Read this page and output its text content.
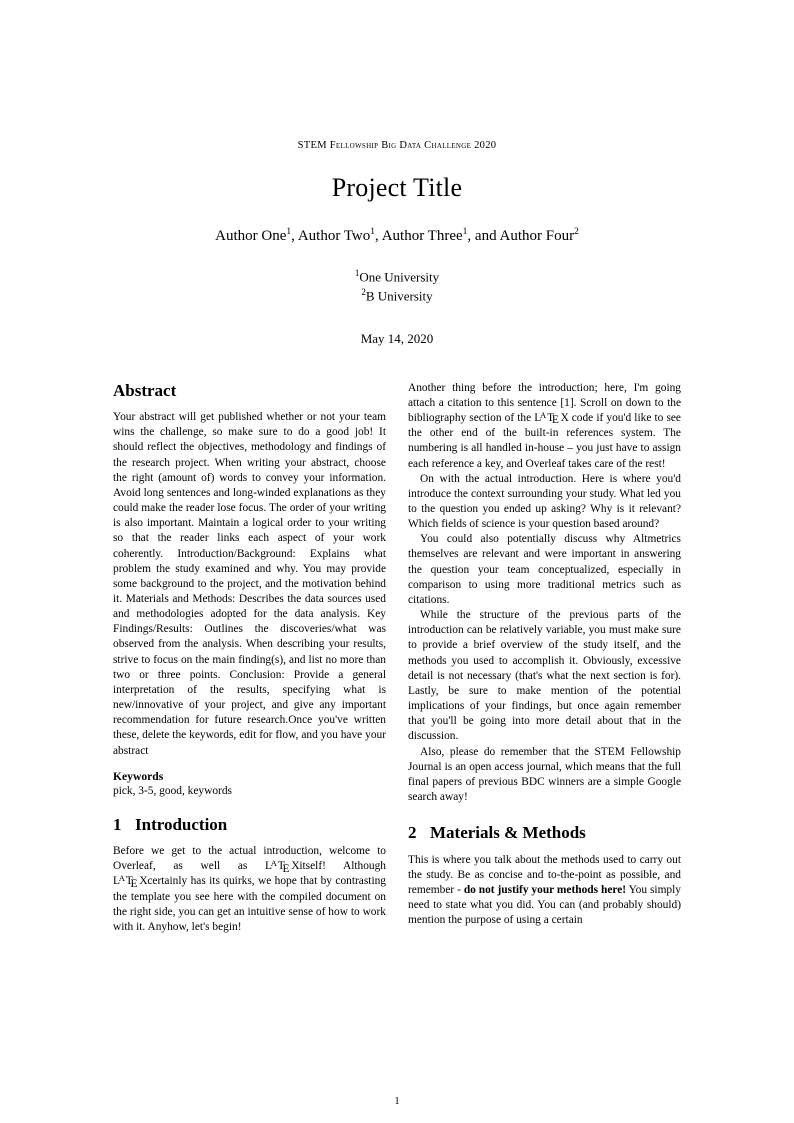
STEM Fellowship Big Data Challenge 2020
Project Title
Author One$^1$, Author Two$^1$, Author Three$^1$, and Author Four$^2$
$^1$One University
$^2$B University
May 14, 2020
Abstract

Your abstract will get published whether or not your team wins the challenge, so make sure to do a good job! It should reflect the objectives, methodology and findings of the research project. When writing your abstract, choose the right (amount of) words to convey your information. Avoid long sentences and long-winded explanations as they could make the reader lose focus. The order of your writing is also important. Maintain a logical order to your writing so that the reader links each aspect of your work coherently. Introduction/Background: Explains what problem the study examined and why. You may provide some background to the project, and the motivation behind it. Materials and Methods: Describes the data sources used and methodologies adopted for the data analysis. Key Findings/Results: Outlines the discoveries/what was observed from the analysis. When describing your results, strive to focus on the main finding(s), and list no more than two or three points. Conclusion: Provide a general interpretation of the results, specifying what is new/innovative of your project, and give any important recommendation for future research.Once you've written these, delete the keywords, edit for flow, and you have your abstract

Keywords

pick, 3-5, good, keywords

1 Introduction

Before we get to the actual introduction, welcome to Overleaf, as well as $L^ATE$ Xitself! Although $L^ATE$ Xcertainly has its quirks, we hope that by contrasting the template you see here with the compiled document on the right side, you can get an intuitive sense of how to work with it. Anyhow, let's begin!

Another thing before the introduction; here, I'm going attach a citation to this sentence [1]. Scroll on down to the bibliography section of the $L^ATE$ X code if you'd like to see the other end of the built-in references system. The numbering is all handled in-house – you just have to assign each reference a key, and Overleaf takes care of the rest!

On with the actual introduction. Here is where you'd introduce the context surrounding your study. What led you to the question you ended up asking? Why is it relevant? Which fields of science is your question based around?

You could also potentially discuss why Altmetrics themselves are relevant and were important in answering the question your team conceptualized, especially in comparison to using more traditional metrics such as citations.

While the structure of the previous parts of the introduction can be relatively variable, you must make sure to provide a brief overview of the study itself, and the methods you used to accomplish it. Obviously, excessive detail is not necessary (that's what the next section is for). Lastly, be sure to make mention of the potential implications of your findings, but once again remember that you'll be going into more detail about that in the discussion.

Also, please do remember that the STEM Fellowship Journal is an open access journal, which means that the full final papers of previous BDC winners are a simple Google search away!

2 Materials & Methods

This is where you talk about the methods used to carry out the study. Be as concise and to-the-point as possible, and remember - do not justify your methods here! You simply need to state what you did. You can (and probably should) mention the purpose of using a certain

1
